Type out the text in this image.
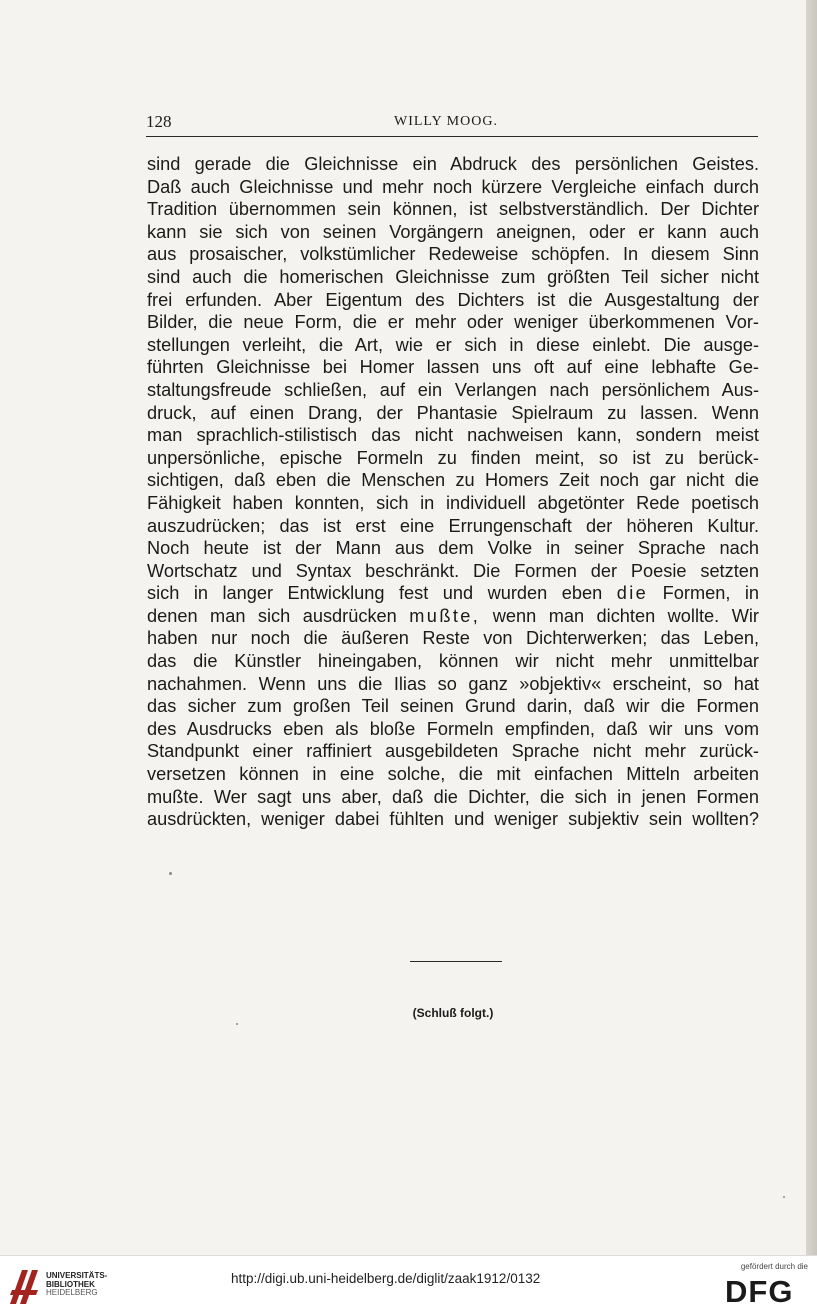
128	WILLY MOOG.
sind gerade die Gleichnisse ein Abdruck des persönlichen Geistes.
Daß auch Gleichnisse und mehr noch kürzere Vergleiche einfach durch
Tradition übernommen sein können, ist selbstverständlich. Der Dichter
kann sie sich von seinen Vorgängern aneignen, oder er kann auch
aus prosaischer, volkstümlicher Redeweise schöpfen. In diesem Sinn
sind auch die homerischen Gleichnisse zum größten Teil sicher nicht
frei erfunden. Aber Eigentum des Dichters ist die Ausgestaltung der
Bilder, die neue Form, die er mehr oder weniger überkommenen Vor-
stellungen verleiht, die Art, wie er sich in diese einlebt. Die ausge-
führten Gleichnisse bei Homer lassen uns oft auf eine lebhafte Ge-
staltungsfreude schließen, auf ein Verlangen nach persönlichem Aus-
druck, auf einen Drang, der Phantasie Spielraum zu lassen. Wenn
man sprachlich-stilistisch das nicht nachweisen kann, sondern meist
unpersönliche, epische Formeln zu finden meint, so ist zu berück-
sichtigen, daß eben die Menschen zu Homers Zeit noch gar nicht die
Fähigkeit haben konnten, sich in individuell abgetönter Rede poetisch
auszudrücken; das ist erst eine Errungenschaft der höheren Kultur.
Noch heute ist der Mann aus dem Volke in seiner Sprache nach
Wortschatz und Syntax beschränkt. Die Formen der Poesie setzten
sich in langer Entwicklung fest und wurden eben die Formen, in
denen man sich ausdrücken mußte, wenn man dichten wollte. Wir
haben nur noch die äußeren Reste von Dichterwerken; das Leben,
das die Künstler hineingaben, können wir nicht mehr unmittelbar
nachahmen. Wenn uns die Ilias so ganz »objektiv« erscheint, so hat
das sicher zum großen Teil seinen Grund darin, daß wir die Formen
des Ausdrucks eben als bloße Formeln empfinden, daß wir uns vom
Standpunkt einer raffiniert ausgebildeten Sprache nicht mehr zurück-
versetzen können in eine solche, die mit einfachen Mitteln arbeiten
mußte. Wer sagt uns aber, daß die Dichter, die sich in jenen Formen
ausdrückten, weniger dabei fühlten und weniger subjektiv sein wollten?
(Schluß folgt.)
UNIVERSITÄTS-
BIBLIOTHEK
HEIDELBERG
http://digi.ub.uni-heidelberg.de/diglit/zaak1912/0132
gefördert durch die
DFG
